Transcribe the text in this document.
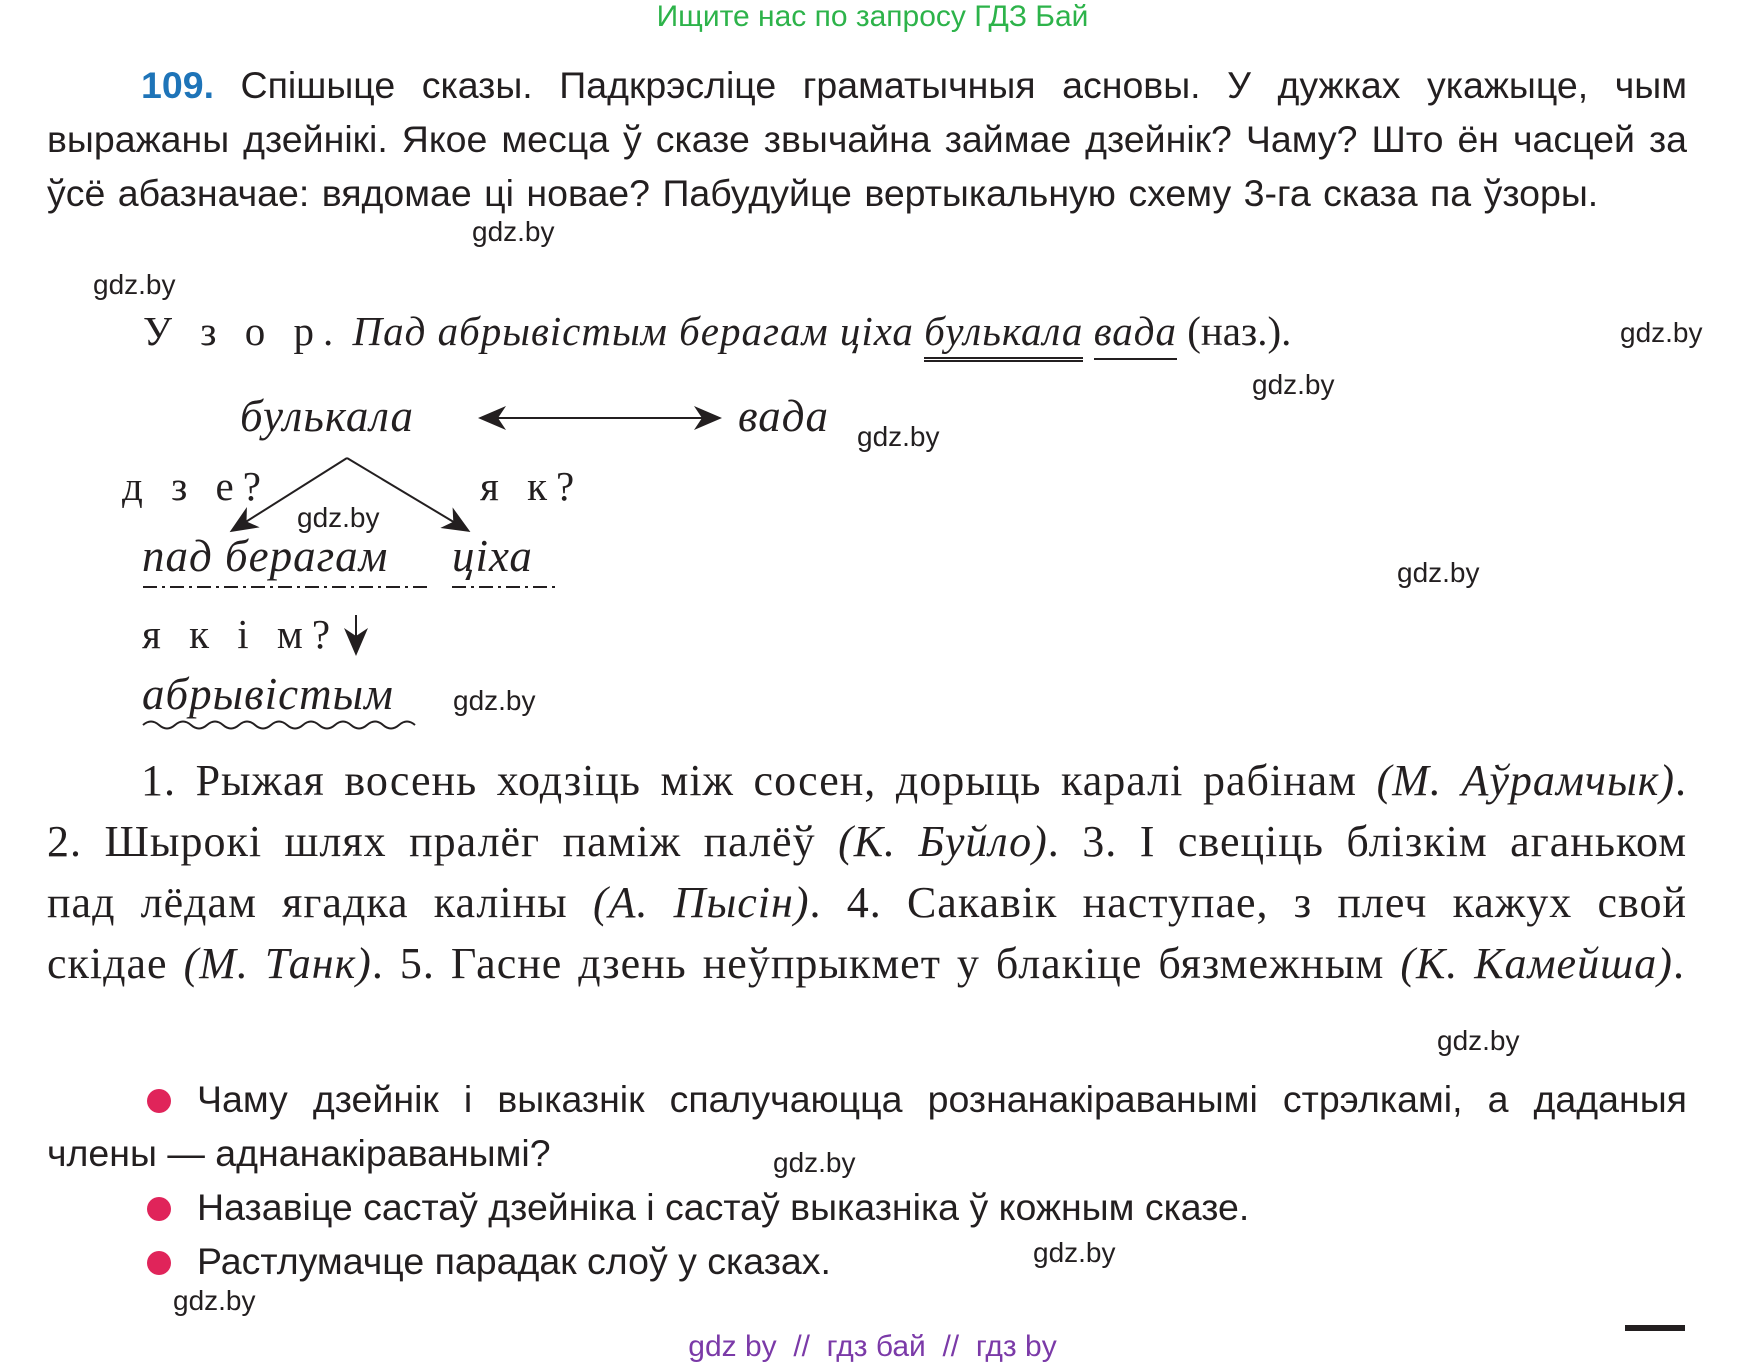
Ищите нас по запросу ГДЗ Бай
109. Спішыце сказы. Падкрэсліце граматычныя асновы. У дужках укажыце, чым выражаны дзейнікі. Якое месца ў сказе звычайна займае дзейнік? Чаму? Што ён часцей за ўсё абазначае: вядомае ці новае? Пабудуйце вертыкальную схему 3-га сказа па ўзоры.
У з о р. Пад абрывістым берагам ціха булькала вада (наз.).
булькала	вада
д з е?	я к?
пад берагам ціха
я к і м?
абрывістым
1. Рыжая восень ходзіць між сосен, дорыць каралі рабінам (М. Аўрамчык). 2. Шырокі шлях пралёг паміж палёў (К. Буйло). 3. І свеціць блізкім аганьком пад лёдам ягадка каліны (А. Пысін). 4. Сакавік наступае, з плеч кажух свой скідае (М. Танк). 5. Гасне дзень неўпрыкмет у блакіце бязмежным (К. Камейша).
Чаму дзейнік і выказнік спалучаюцца рознанакіраванымі стрэлкамі, а даданыя члены — аднанакіраванымі?
Назавіце састаў дзейніка і састаў выказніка ў кожным сказе.
Растлумачце парадак слоў у сказах.
gdz.by
gdz.by
gdz.by
gdz.by
gdz.by
gdz.by
gdz.by
gdz.by
gdz.by
gdz.by
gdz.by
gdz.by
gdz by  //  гдз бай  //  гдз by
